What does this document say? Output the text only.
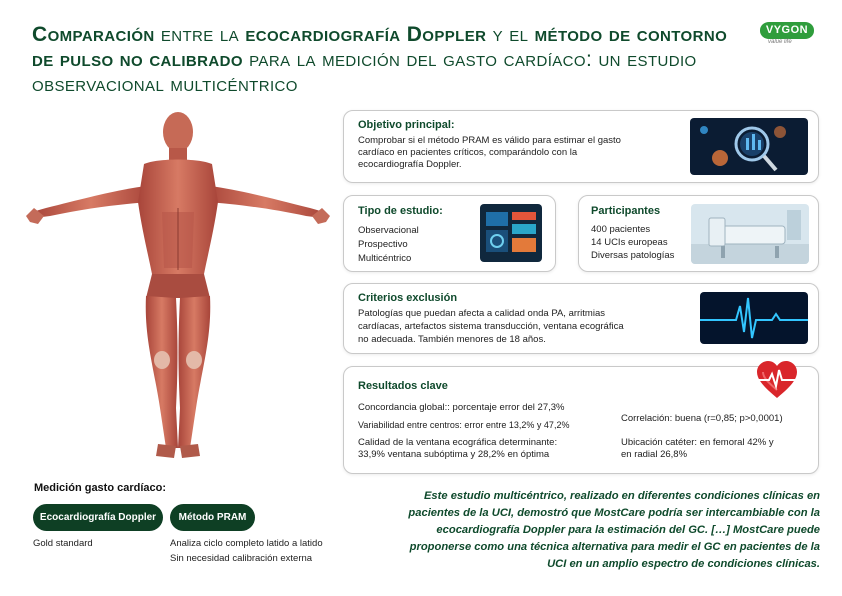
Comparación entre la ecocardiografía Doppler y el método de contorno de pulso no calibrado para la medición del gasto cardíaco: un estudio observacional multicéntrico
VYGON
value life
Objetivo principal:

Comprobar si el método PRAM es válido para estimar el gasto

cardíaco en pacientes críticos, comparándolo con la

ecocardiografía Doppler.

Tipo de estudio:

Observacional

Prospectivo

Multicéntrico

Participantes

400 pacientes

14 UCIs europeas

Diversas patologías

Criterios exclusión

Patologías que puedan afecta a calidad onda PA, arritmias

cardíacas, artefactos sistema transducción, ventana ecográfica

no adecuada. También menores de 18 años.

Resultados clave

Concordancia global:: porcentaje error del 27,3%

Variabilidad entre centros: error entre 13,2% y 47,2%

Calidad de la ventana ecográfica determinante:

33,9% ventana subóptima y 28,2% en óptima

Correlación: buena (r=0,85; p>0,0001)

Ubicación catéter: en femoral 42% y

en radial 26,8%

Medición gasto cardíaco:
Ecocardiografía Doppler	Método PRAM
Gold standard	Analiza ciclo completo latido a latido
Sin necesidad calibración externa
Este estudio multicéntrico, realizado en diferentes condiciones clínicas en
pacientes de la UCI, demostró que MostCare podría ser intercambiable con la
ecocardiografía Doppler para la estimación del GC. […] MostCare puede
proponerse como una técnica alternativa para medir el GC en pacientes de la
UCI en un amplio espectro de condiciones clínicas.
